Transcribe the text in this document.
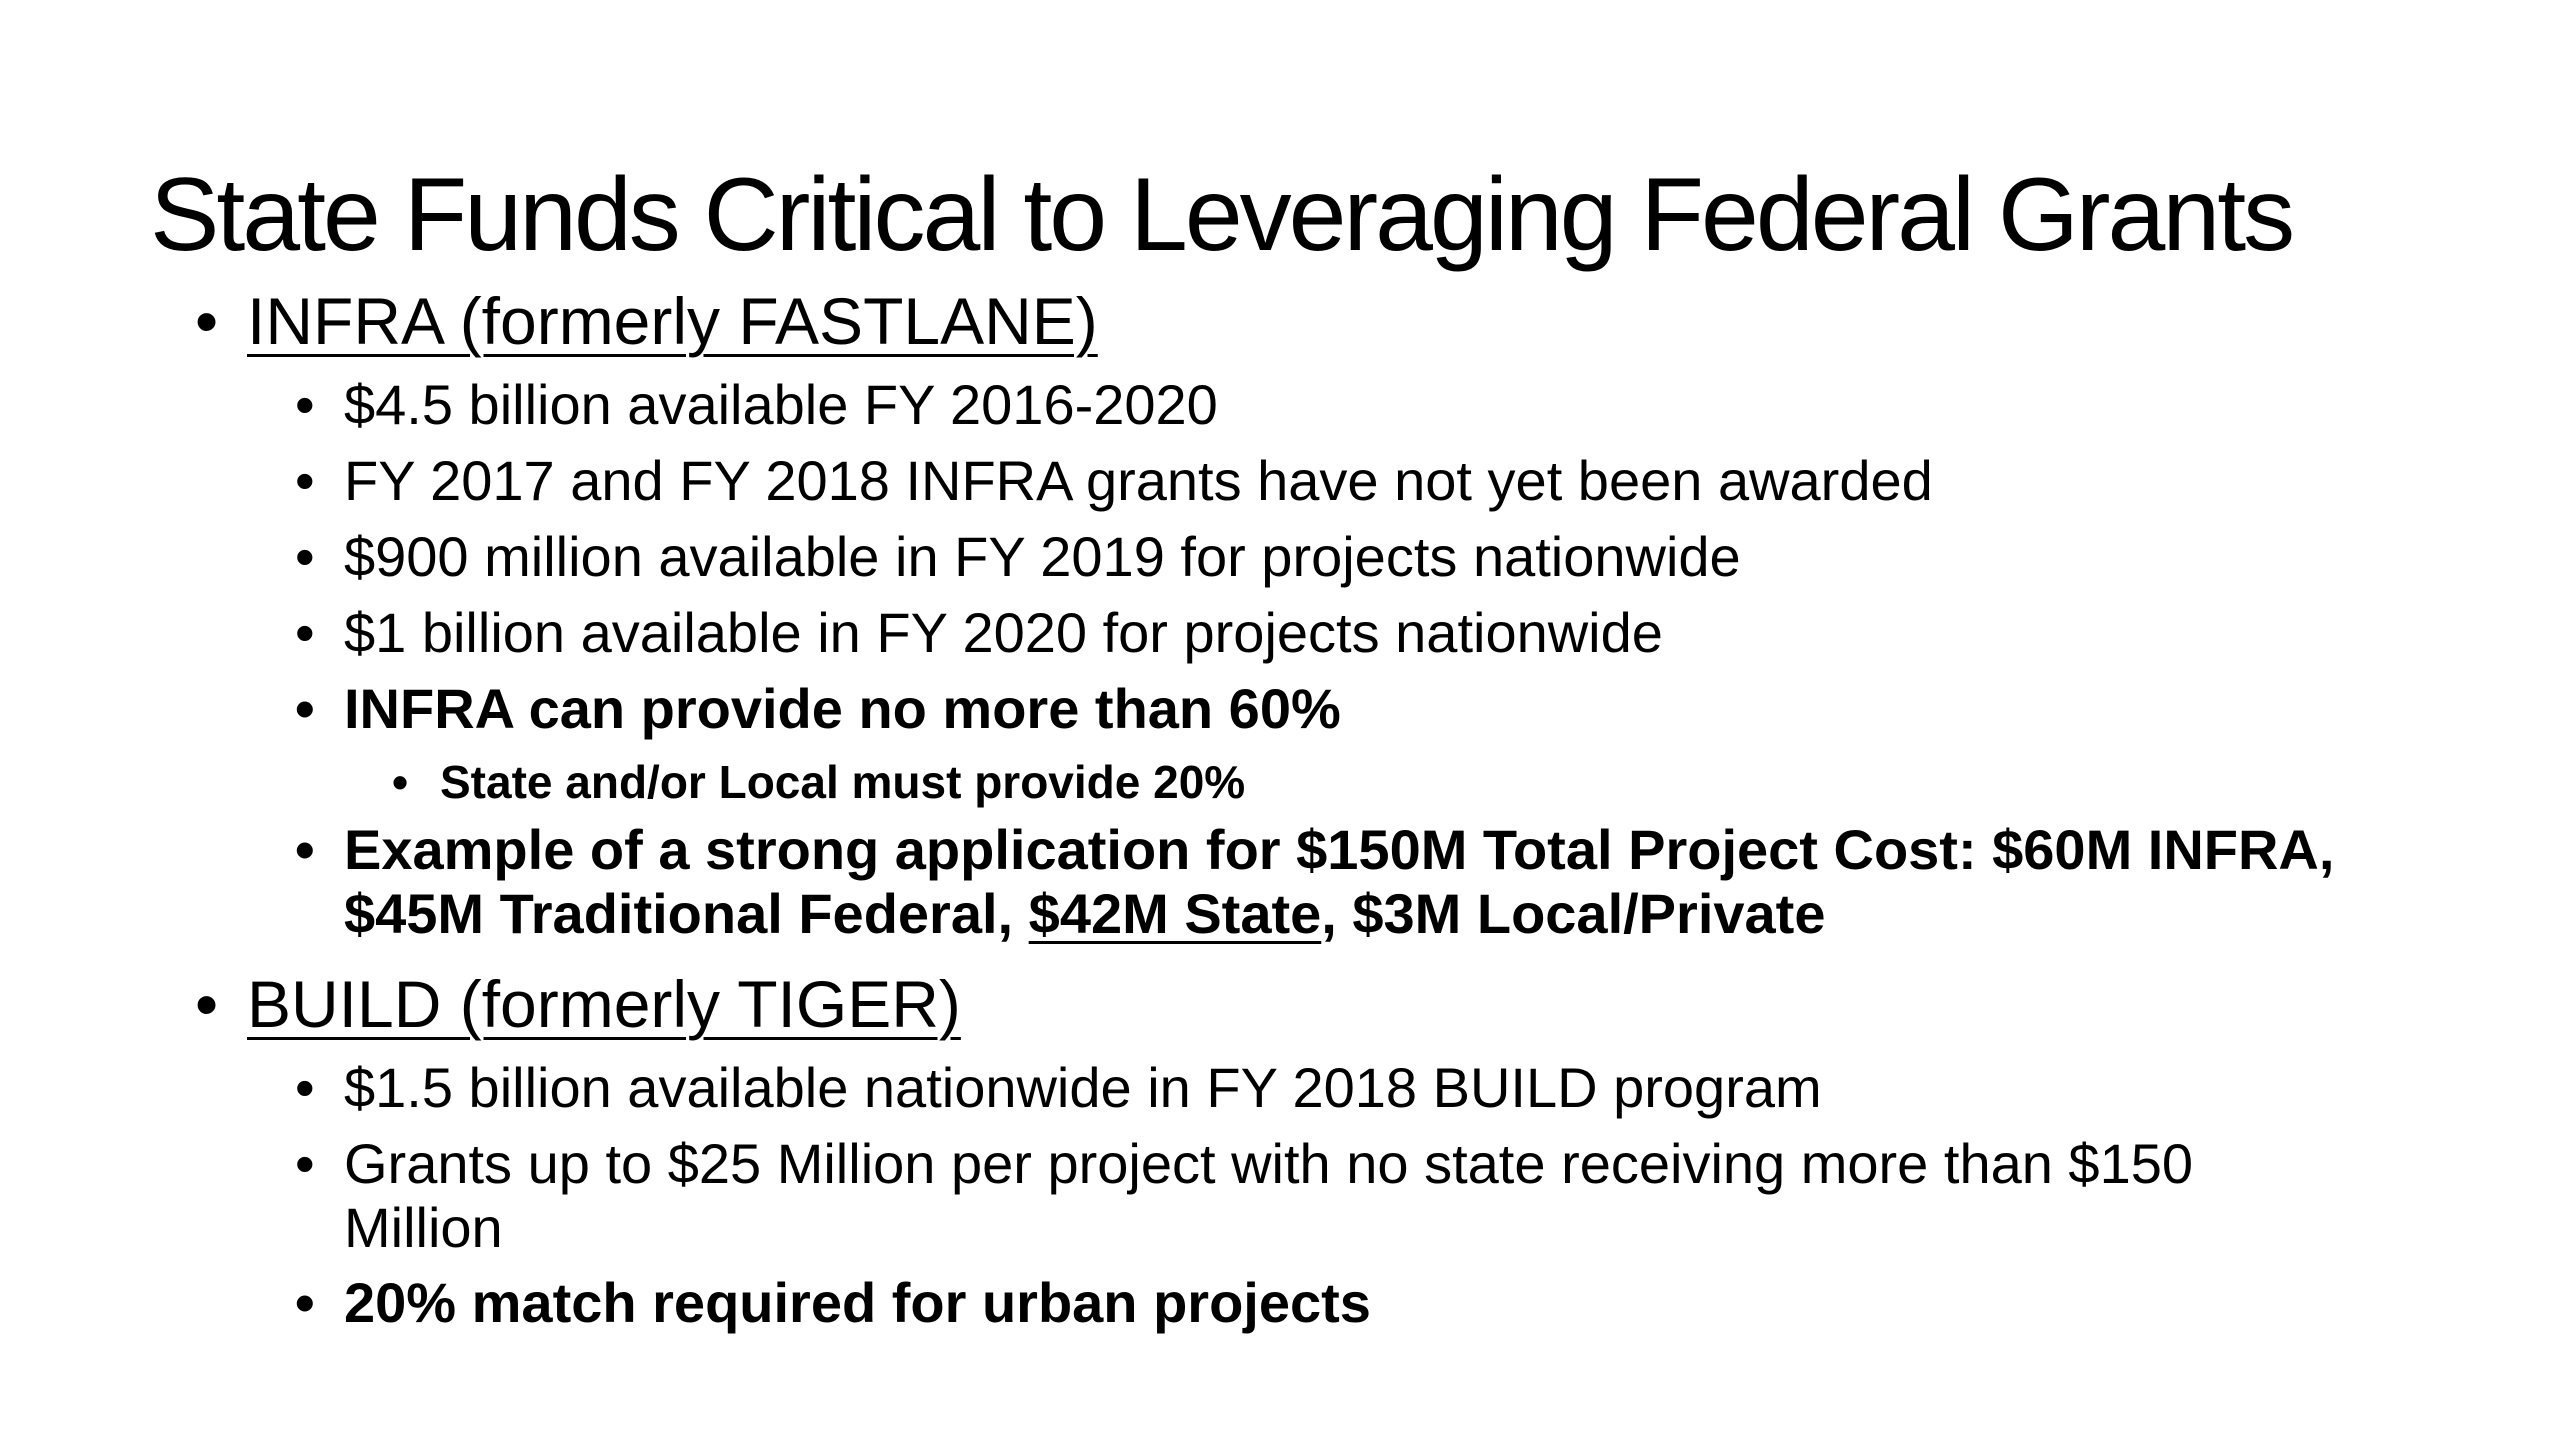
State Funds Critical to Leveraging Federal Grants
• INFRA (formerly FASTLANE)
• $4.5 billion available FY 2016-2020
• FY 2017 and FY 2018 INFRA grants have not yet been awarded
• $900 million available in FY 2019 for projects nationwide
• $1 billion available in FY 2020 for projects nationwide
• INFRA can provide no more than 60%
• State and/or Local must provide 20%
• Example of a strong application for $150M Total Project Cost: $60M INFRA,
$45M Traditional Federal, $42M State, $3M Local/Private
• BUILD (formerly TIGER)
• $1.5 billion available nationwide in FY 2018 BUILD program
• Grants up to $25 Million per project with no state receiving more than $150
Million
• 20% match required for urban projects
